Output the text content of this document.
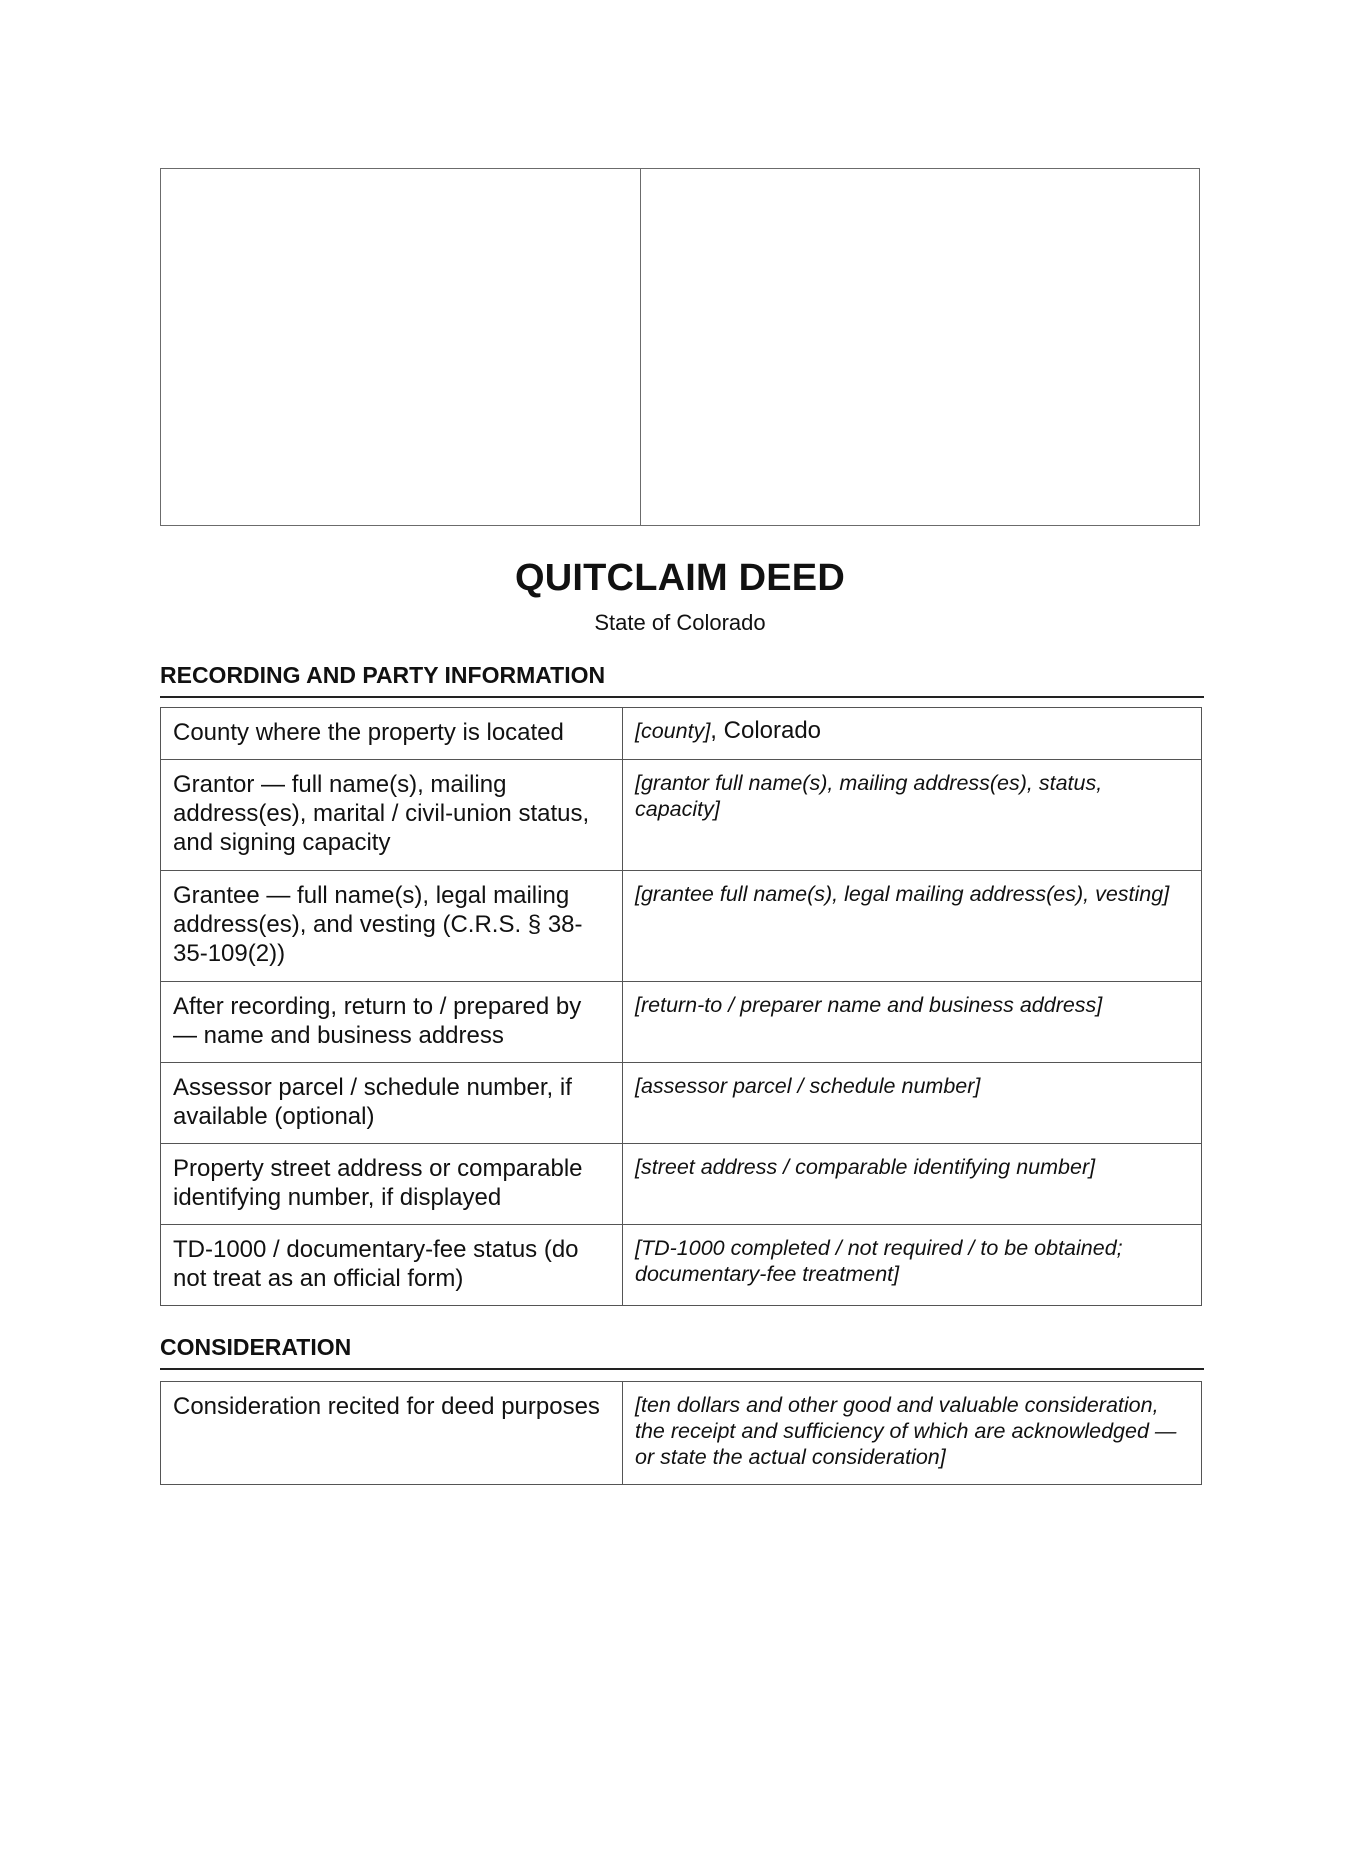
QUITCLAIM DEED
State of Colorado
RECORDING AND PARTY INFORMATION
County where the property is located	[county], Colorado
Grantor — full name(s), mailing address(es), marital / civil-union status, and signing capacity	[grantor full name(s), mailing address(es), status, capacity]
Grantee — full name(s), legal mailing address(es), and vesting (C.R.S. § 38-35-109(2))	[grantee full name(s), legal mailing address(es), vesting]
After recording, return to / prepared by — name and business address	[return-to / preparer name and business address]
Assessor parcel / schedule number, if available (optional)	[assessor parcel / schedule number]
Property street address or comparable identifying number, if displayed	[street address / comparable identifying number]
TD-1000 / documentary-fee status (do not treat as an official form)	[TD-1000 completed / not required / to be obtained; documentary-fee treatment]
CONSIDERATION
Consideration recited for deed purposes	[ten dollars and other good and valuable consideration, the receipt and sufficiency of which are acknowledged — or state the actual consideration]
